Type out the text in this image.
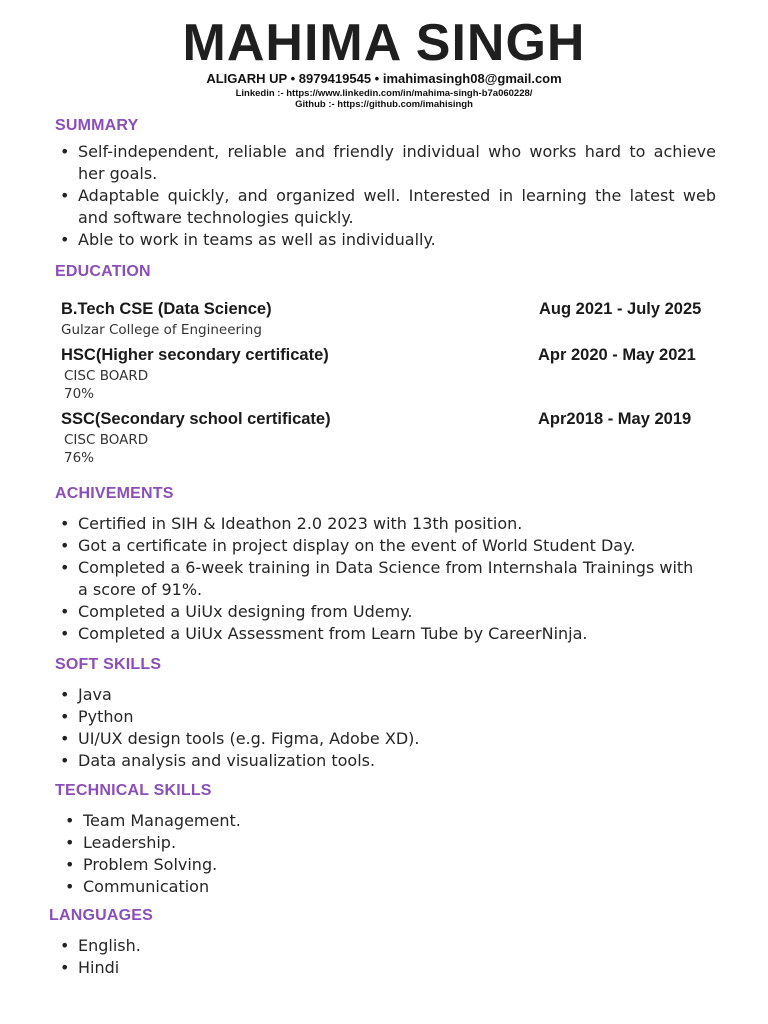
MAHIMA SINGH
ALIGARH UP • 8979419545 • imahimasingh08@gmail.com
Linkedin :- https://www.linkedin.com/in/mahima-singh-b7a060228/
Github :- https://github.com/imahisingh
SUMMARY
• Self-independent, reliable and friendly individual who works hard to achieve her goals.
• Adaptable quickly, and organized well. Interested in learning the latest web and software technologies quickly.
• Able to work in teams as well as individually.
EDUCATION
B.Tech CSE (Data Science)	Aug 2021 - July 2025
Gulzar College of Engineering
HSC(Higher secondary certificate)	Apr 2020 - May 2021
CISC BOARD
70%
SSC(Secondary school certificate)	Apr2018 - May 2019
CISC BOARD
76%
ACHIVEMENTS
• Certified in SIH & Ideathon 2.0 2023 with 13th position.
• Got a certificate in project display on the event of World Student Day.
• Completed a 6-week training in Data Science from Internshala Trainings with a score of 91%.
• Completed a UiUx designing from Udemy.
• Completed a UiUx Assessment from Learn Tube by CareerNinja.
SOFT SKILLS
• Java
• Python
• UI/UX design tools (e.g. Figma, Adobe XD).
• Data analysis and visualization tools.
TECHNICAL SKILLS
• Team Management.
• Leadership.
• Problem Solving.
• Communication
LANGUAGES
• English.
• Hindi
